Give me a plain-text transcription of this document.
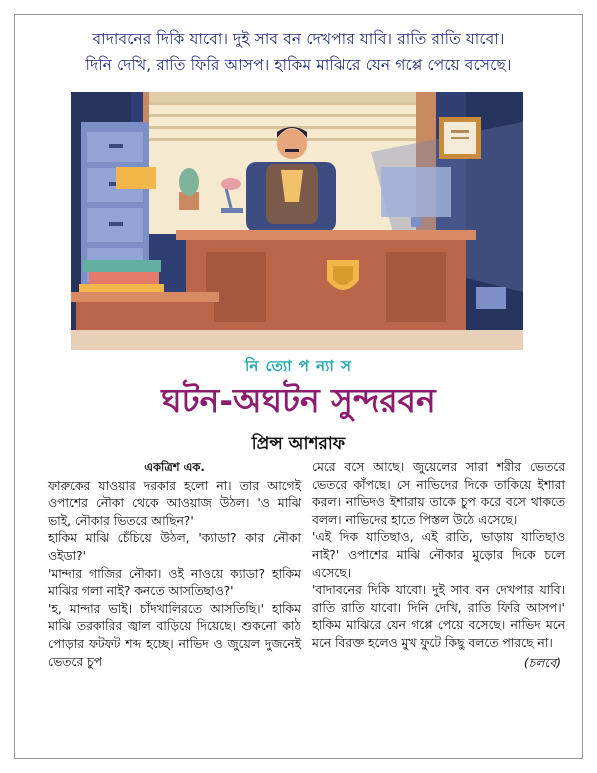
বাদাবনের দিকি যাবো। দুই সাব বন দেখপার যাবি। রাতি রাতি যাবো।
দিনি দেখি, রাতি ফিরি আসপ। হাকিম মাঝিরে যেন গপ্পে পেয়ে বসেছে।
নি ত্যো প ন্যা স
ঘটন-অঘটন সুন্দরবন
প্রিন্স আশরাফ
একত্রিশ এক.

ফারুকের যাওয়ার দরকার হলো না। তার আগেই ওপাশের নৌকা থেকে আওয়াজ উঠল। 'ও মাঝি ভাই, নৌকার ভিতরে আছিন?'

হাকিম মাঝি চেঁচিয়ে উঠল, 'ক্যাডা? কার নৌকা ওইডা?'

'মান্দার গাজির নৌকা। ওই নাওয়ে ক্যাডা? হাকিম মাঝির গলা নাই? কনতে আসতিছাও?'

'হ, মান্দার ভাই। চাঁদখালিরতে আসতিছি।' হাকিম মাঝি তরকারির জ্বাল বাড়িয়ে দিয়েছে। শুকনো কাঠ পোড়ার ফটফট শব্দ হচ্ছে। নাভিদ ও জুয়েল দুজনেই ভেতরে চুপ

মেরে বসে আছে। জুয়েলের সারা শরীর ভেতরে ভেতরে কাঁপছে। সে নাভিদের দিকে তাকিয়ে ইশারা করল। নাভিদও ইশারায় তাকে চুপ করে বসে থাকতে বলল। নাভিদের হাতে পিস্তল উঠে এসেছে।

'এই দিক যাতিছাও, এই রাতি, ভাড়ায় যাতিছাও নাই?' ওপাশের মাঝি নৌকার মুড়োর দিকে চলে এসেছে।

'বাদাবনের দিকি যাবো। দুই সাব বন দেখপার যাবি। রাতি রাতি যাবো। দিনি দেখি, রাতি ফিরি আসপ।' হাকিম মাঝিরে যেন গপ্পে পেয়ে বসেছে। নাভিদ মনে মনে বিরক্ত হলেও মুখ ফুটে কিছু বলতে পারছে না।

(চলবে)
